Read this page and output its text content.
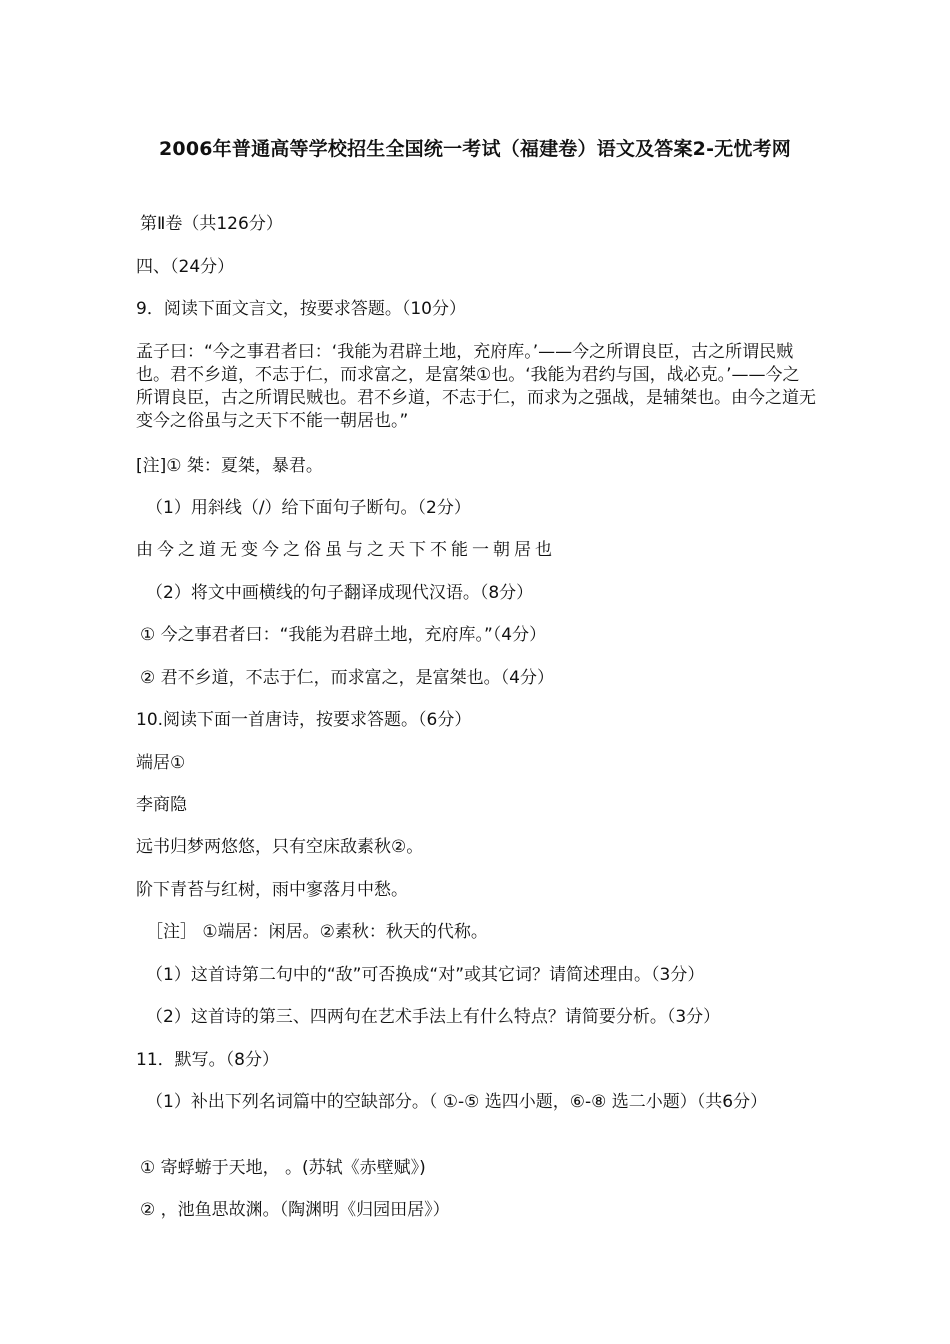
2006年普通高等学校招生全国统一考试（福建卷）语文及答案2-无忧考网
第Ⅱ卷（共126分）
四、（24分）
9．阅读下面文言文，按要求答题。（10分）
孟子曰：“今之事君者曰：‘我能为君辟土地，充府库。’——今之所谓良臣，古之所谓民贼也。君不乡道，不志于仁，而求富之，是富桀①也。‘我能为君约与国，战必克。’——今之所谓良臣，古之所谓民贼也。君不乡道，不志于仁，而求为之强战，是辅桀也。由今之道无变今之俗虽与之天下不能一朝居也。”
[注]① 桀：夏桀，暴君。
（1）用斜线（/）给下面句子断句。（2分）
由今之道无变今之俗虽与之天下不能一朝居也
（2）将文中画横线的句子翻译成现代汉语。（8分）
① 今之事君者曰：“我能为君辟土地，充府库。”（4分）
② 君不乡道，不志于仁，而求富之，是富桀也。（4分）
10.阅读下面一首唐诗，按要求答题。（6分）
端居①
李商隐
远书归梦两悠悠，只有空床敌素秋②。
阶下青苔与红树，雨中寥落月中愁。
［注］ ①端居：闲居。②素秋：秋天的代称。
（1）这首诗第二句中的“敌”可否换成“对”或其它词？请简述理由。（3分）
（2）这首诗的第三、四两句在艺术手法上有什么特点？请简要分析。（3分）
11．默写。（8分）
（1）补出下列名词篇中的空缺部分。（ ①-⑤ 选四小题，⑥-⑧ 选二小题）（共6分）
① 寄蜉蝣于天地， 。(苏轼《赤壁赋》)
② ，池鱼思故渊。（陶渊明《归园田居》）
